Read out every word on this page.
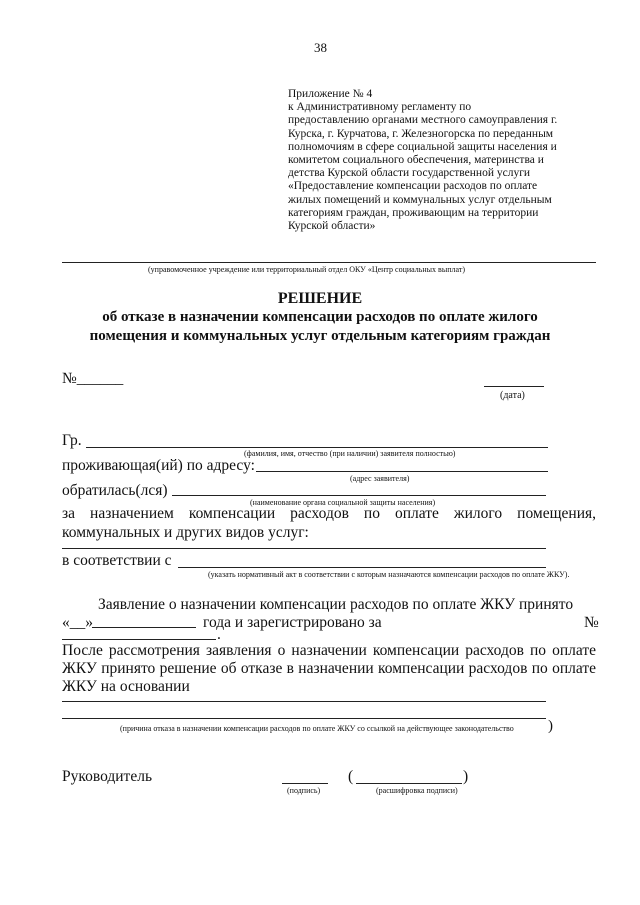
38
Приложение № 4
к Административному регламенту по
предоставлению органами местного самоуправления г.
Курска, г. Курчатова, г. Железногорска по переданным
полномочиям в сфере социальной защиты населения и
комитетом социального обеспечения, материнства и
детства Курской области государственной услуги
«Предоставление компенсации расходов по оплате
жилых помещений и коммунальных услуг отдельным
категориям граждан, проживающим на территории
Курской области»
(управомоченное учреждение или территориальный отдел ОКУ «Центр социальных выплат)
РЕШЕНИЕ
об отказе в назначении компенсации расходов по оплате жилого
помещения и коммунальных услуг отдельным категориям граждан
№______
(дата)
Гр.
(фамилия, имя, отчество (при наличии) заявителя полностью)
проживающая(ий) по адресу:
(адрес заявителя)
обратилась(лся)
(наименование органа социальной защиты населения)
за назначением компенсации расходов по оплате жилого помещения,
коммунальных и других видов услуг:
в соответствии с
(указать нормативный акт в соответствии с которым назначаются компенсации расходов по оплате ЖКУ).
Заявление о назначении компенсации расходов по оплате ЖКУ принято
«__»	года и зарегистрировано за	№
.
После рассмотрения заявления о назначении компенсации расходов по оплате
ЖКУ принято решение об отказе в назначении компенсации расходов по оплате
ЖКУ на основании
(причина отказа в назначении компенсации расходов по оплате ЖКУ со ссылкой на действующее законодательство )
Руководитель
(подпись)
(	)
(расшифровка подписи)
